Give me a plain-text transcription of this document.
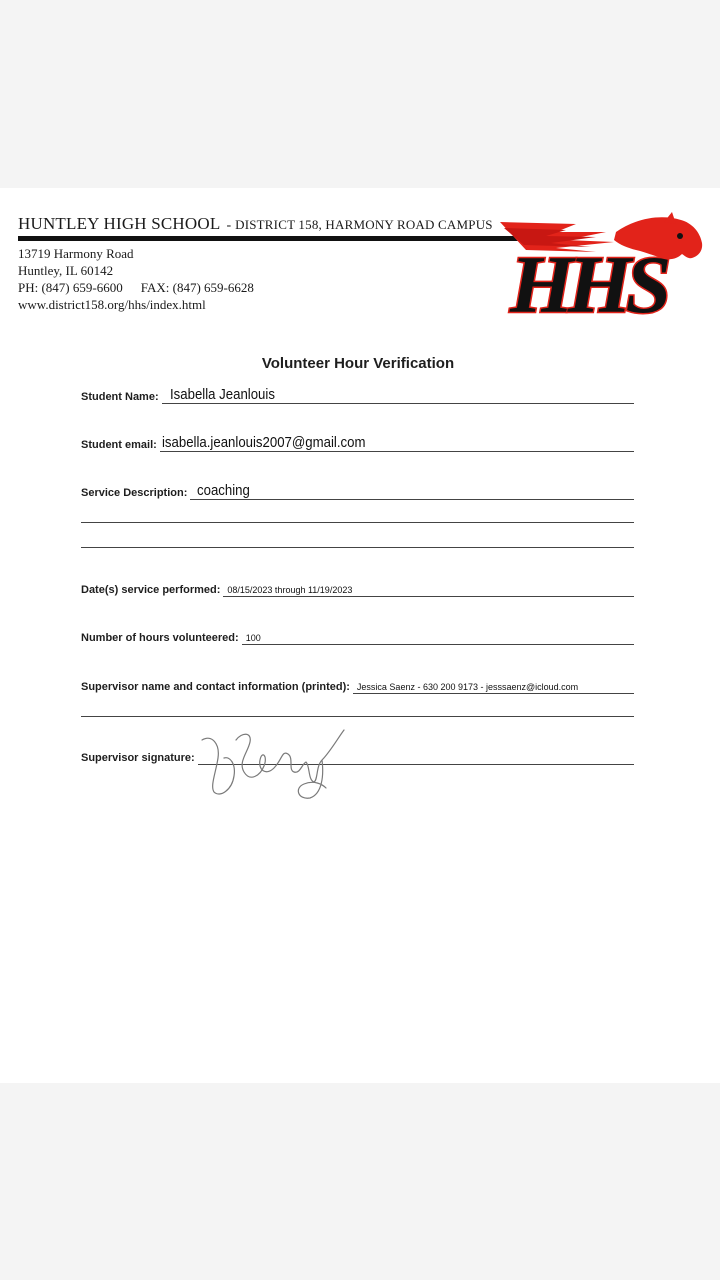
HUNTLEY HIGH SCHOOL - DISTRICT 158, HARMONY ROAD CAMPUS
13719 Harmony Road
Huntley, IL 60142
PH: (847) 659-6600 FAX: (847) 659-6628
www.district158.org/hhs/index.html	HHS
Volunteer Hour Verification
Student Name: Isabella Jeanlouis
Student email: isabella.jeanlouis2007@gmail.com
Service Description: coaching
Date(s) service performed: 08/15/2023 through 11/19/2023
Number of hours volunteered: 100
Supervisor name and contact information (printed): Jessica Saenz - 630 200 9173 - jesssaenz@icloud.com
Supervisor signature:
